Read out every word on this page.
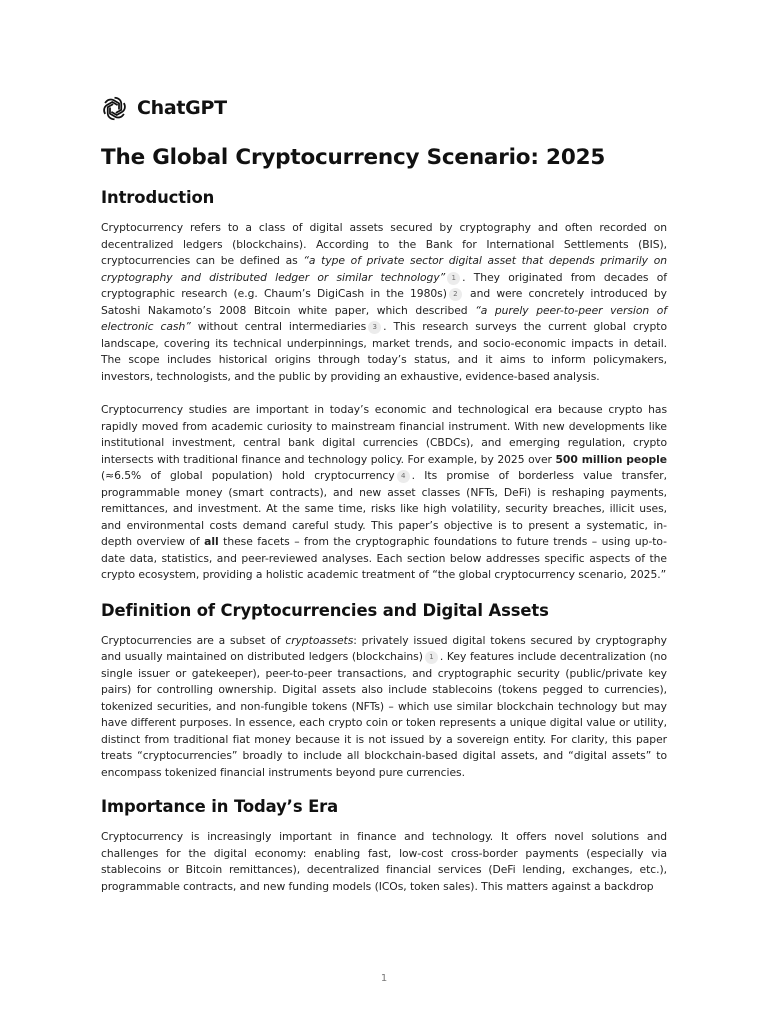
ChatGPT
The Global Cryptocurrency Scenario: 2025
Introduction

Cryptocurrency refers to a class of digital assets secured by cryptography and often recorded on decentralized ledgers (blockchains). According to the Bank for International Settlements (BIS), cryptocurrencies can be defined as “a type of private sector digital asset that depends primarily on cryptography and distributed ledger or similar technology” 1 . They originated from decades of cryptographic research (e.g. Chaum’s DigiCash in the 1980s) 2 and were concretely introduced by Satoshi Nakamoto’s 2008 Bitcoin white paper, which described “a purely peer-to-peer version of electronic cash” without central intermediaries 3 . This research surveys the current global crypto landscape, covering its technical underpinnings, market trends, and socio-economic impacts in detail. The scope includes historical origins through today’s status, and it aims to inform policymakers, investors, technologists, and the public by providing an exhaustive, evidence-based analysis.

Cryptocurrency studies are important in today’s economic and technological era because crypto has rapidly moved from academic curiosity to mainstream financial instrument. With new developments like institutional investment, central bank digital currencies (CBDCs), and emerging regulation, crypto intersects with traditional finance and technology policy. For example, by 2025 over 500 million people (≈6.5% of global population) hold cryptocurrency 4 . Its promise of borderless value transfer, programmable money (smart contracts), and new asset classes (NFTs, DeFi) is reshaping payments, remittances, and investment. At the same time, risks like high volatility, security breaches, illicit uses, and environmental costs demand careful study. This paper’s objective is to present a systematic, in-depth overview of all these facets – from the cryptographic foundations to future trends – using up-to-date data, statistics, and peer-reviewed analyses. Each section below addresses specific aspects of the crypto ecosystem, providing a holistic academic treatment of “the global cryptocurrency scenario, 2025.”

Definition of Cryptocurrencies and Digital Assets

Cryptocurrencies are a subset of cryptoassets: privately issued digital tokens secured by cryptography and usually maintained on distributed ledgers (blockchains) 1 . Key features include decentralization (no single issuer or gatekeeper), peer-to-peer transactions, and cryptographic security (public/private key pairs) for controlling ownership. Digital assets also include stablecoins (tokens pegged to currencies), tokenized securities, and non-fungible tokens (NFTs) – which use similar blockchain technology but may have different purposes. In essence, each crypto coin or token represents a unique digital value or utility, distinct from traditional fiat money because it is not issued by a sovereign entity. For clarity, this paper treats “cryptocurrencies” broadly to include all blockchain-based digital assets, and “digital assets” to encompass tokenized financial instruments beyond pure currencies.

Importance in Today’s Era

Cryptocurrency is increasingly important in finance and technology. It offers novel solutions and challenges for the digital economy: enabling fast, low-cost cross-border payments (especially via stablecoins or Bitcoin remittances), decentralized financial services (DeFi lending, exchanges, etc.), programmable contracts, and new funding models (ICOs, token sales). This matters against a backdrop

1
